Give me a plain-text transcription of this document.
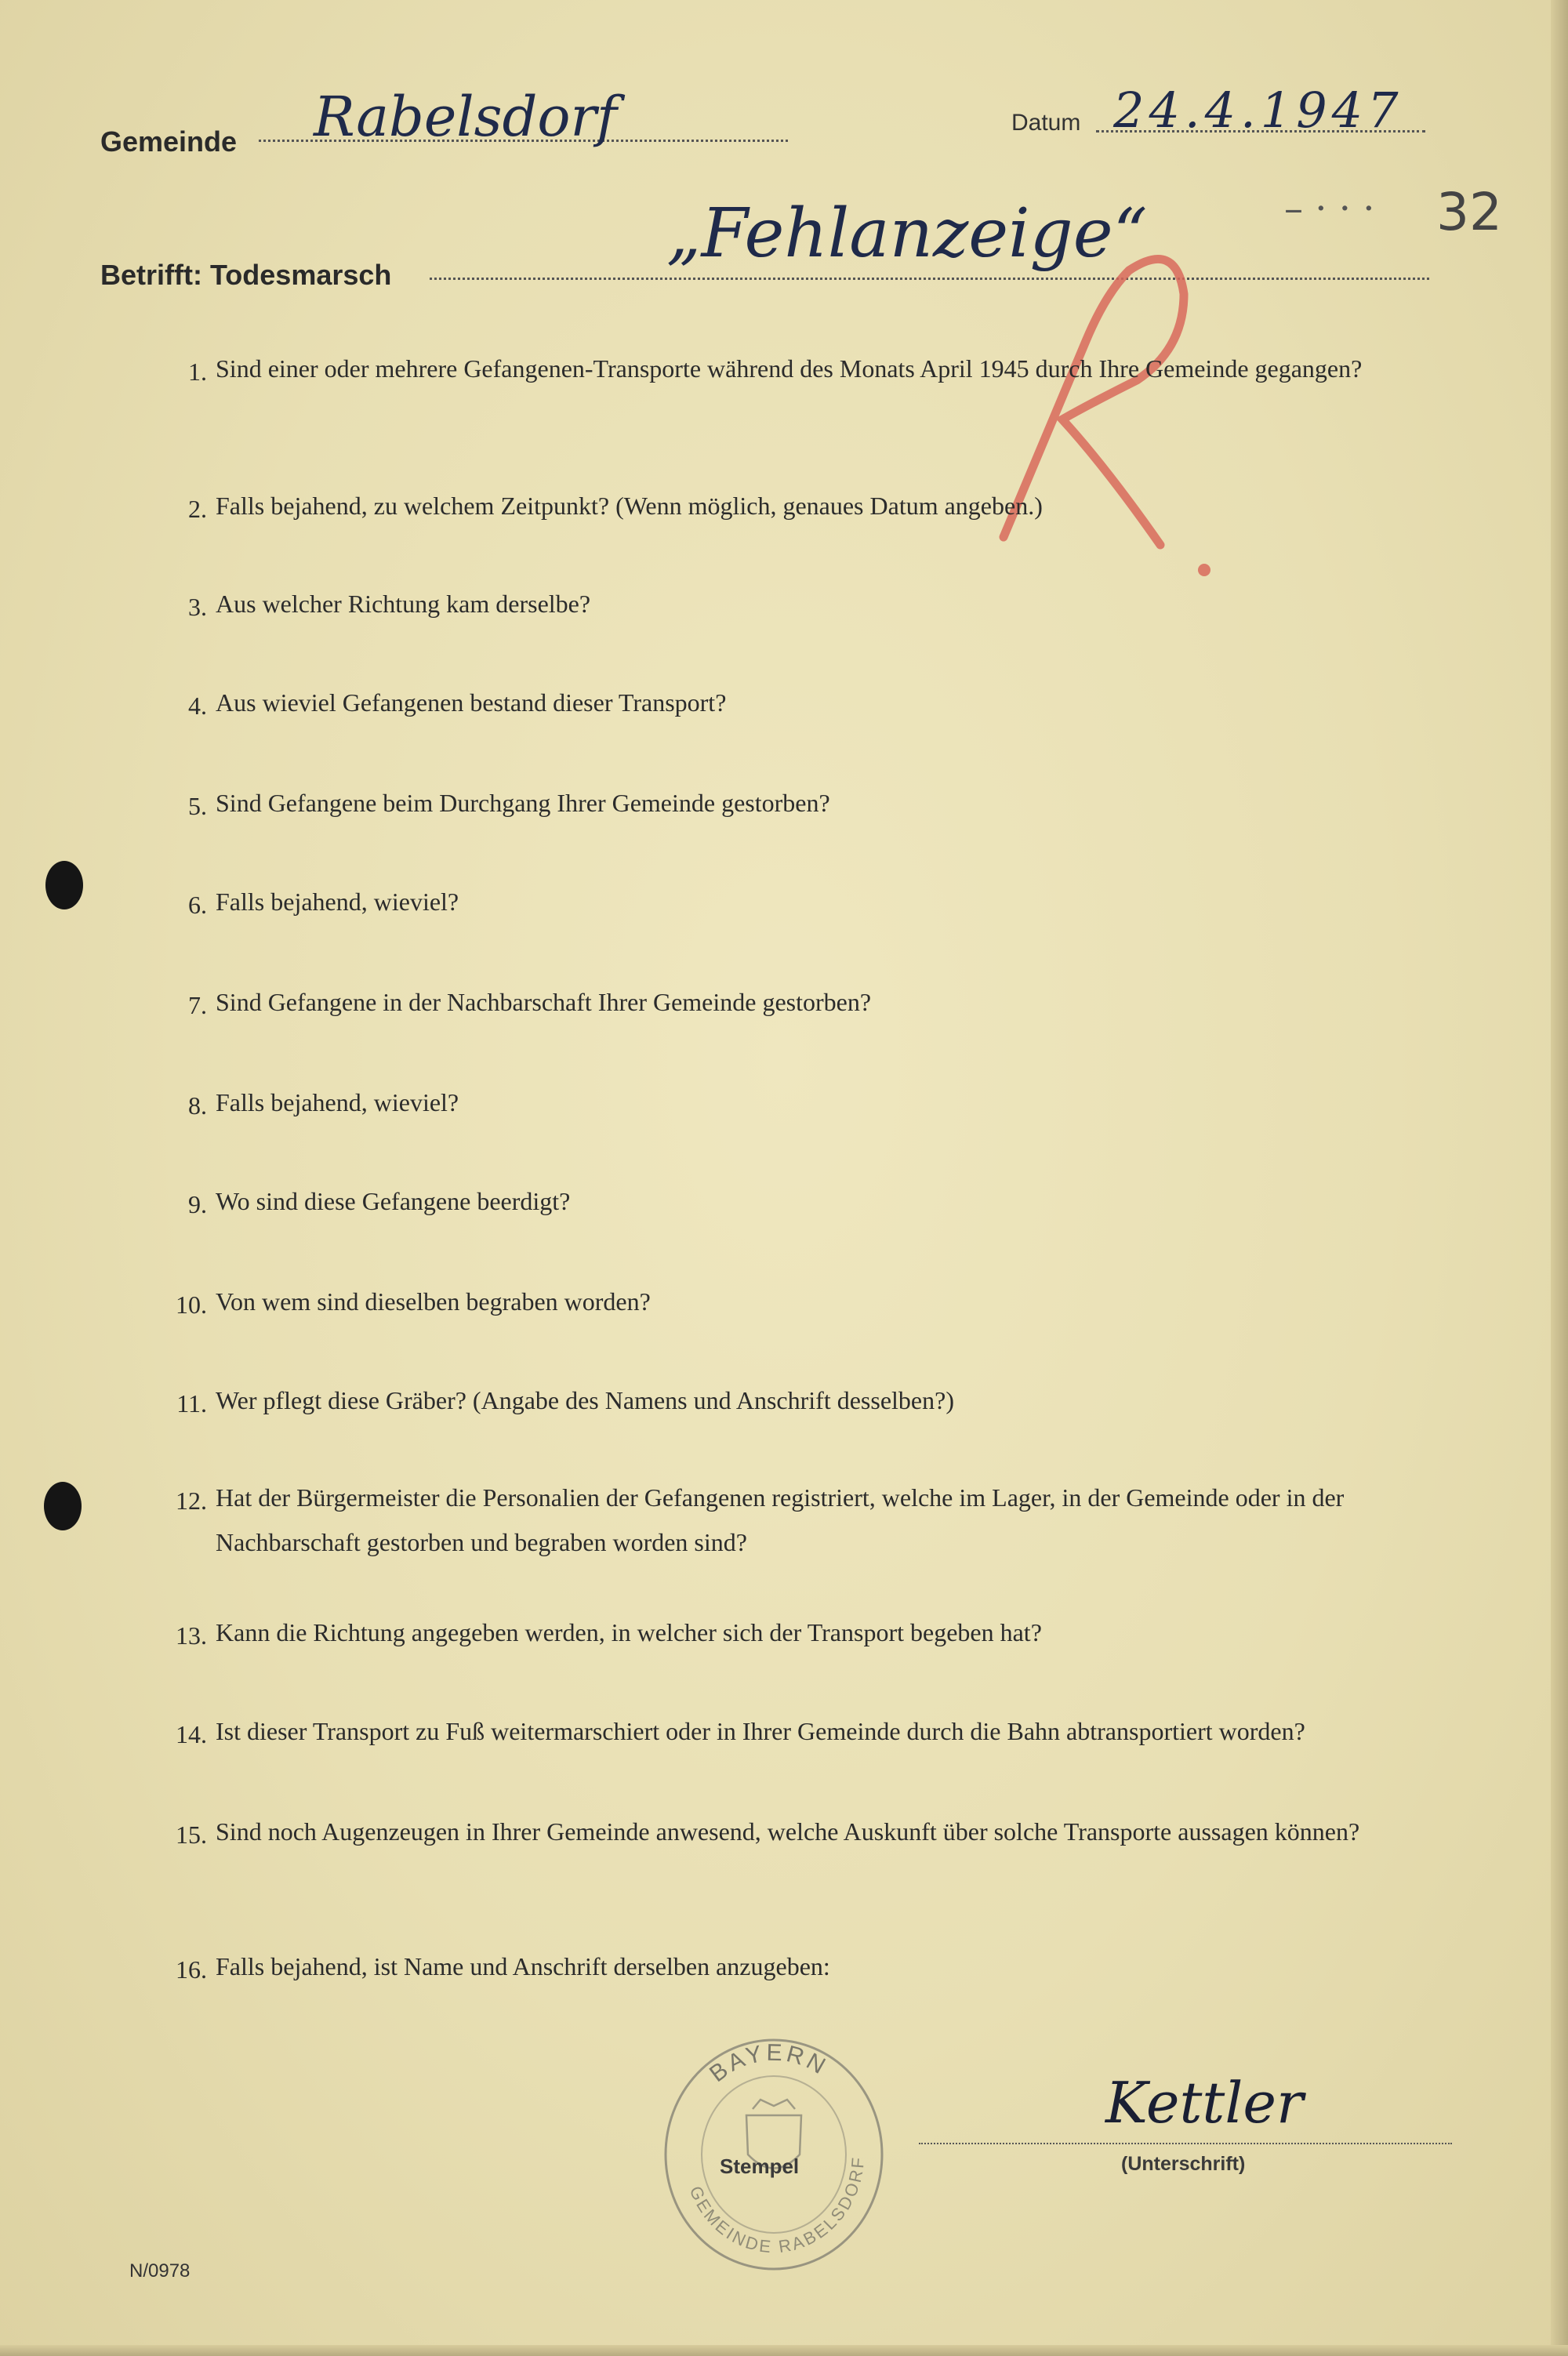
Gemeinde Rabelsdorf	Datum 24.4.1947
– · · · 32
Betrifft: Todesmarsch
„Fehlanzeige“
1. Sind einer oder mehrere Gefangenen-Transporte während des Monats April 1945 durch Ihre Gemeinde gegangen?
2. Falls bejahend, zu welchem Zeitpunkt? (Wenn möglich, genaues Datum angeben.)
3. Aus welcher Richtung kam derselbe?
4. Aus wieviel Gefangenen bestand dieser Transport?
5. Sind Gefangene beim Durchgang Ihrer Gemeinde gestorben?
6. Falls bejahend, wieviel?
7. Sind Gefangene in der Nachbarschaft Ihrer Gemeinde gestorben?
8. Falls bejahend, wieviel?
9. Wo sind diese Gefangene beerdigt?
10. Von wem sind dieselben begraben worden?
11. Wer pflegt diese Gräber? (Angabe des Namens und Anschrift desselben?)
12. Hat der Bürgermeister die Personalien der Gefangenen registriert, welche im Lager, in der Gemeinde oder in der Nachbarschaft gestorben und begraben worden sind?
13. Kann die Richtung angegeben werden, in welcher sich der Transport begeben hat?
14. Ist dieser Transport zu Fuß weitermarschiert oder in Ihrer Gemeinde durch die Bahn abtransportiert worden?
15. Sind noch Augenzeugen in Ihrer Gemeinde anwesend, welche Auskunft über solche Transporte aussagen können?
16. Falls bejahend, ist Name und Anschrift derselben anzugeben:
BAYERN
GEMEINDE RABELSDORF
Stempel
Kettler
(Unterschrift)
N/0978
